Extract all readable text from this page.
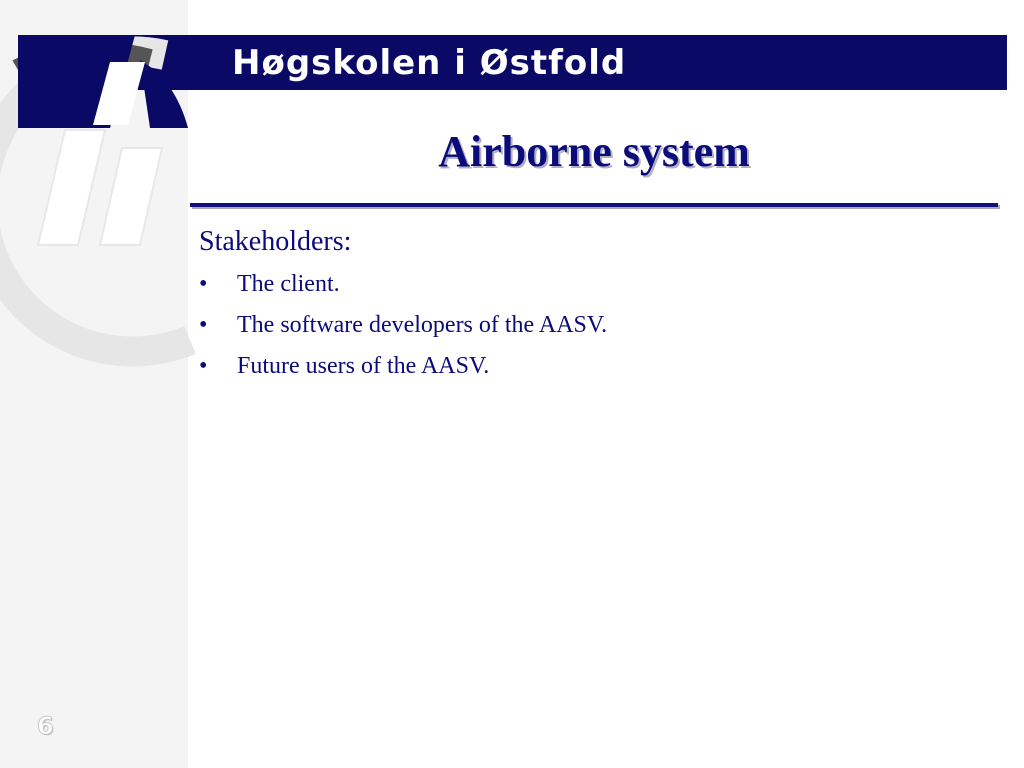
Høgskolen i Østfold
Airborne system
Stakeholders:
• The client.
• The software developers of the AASV.
• Future users of the AASV.
6
